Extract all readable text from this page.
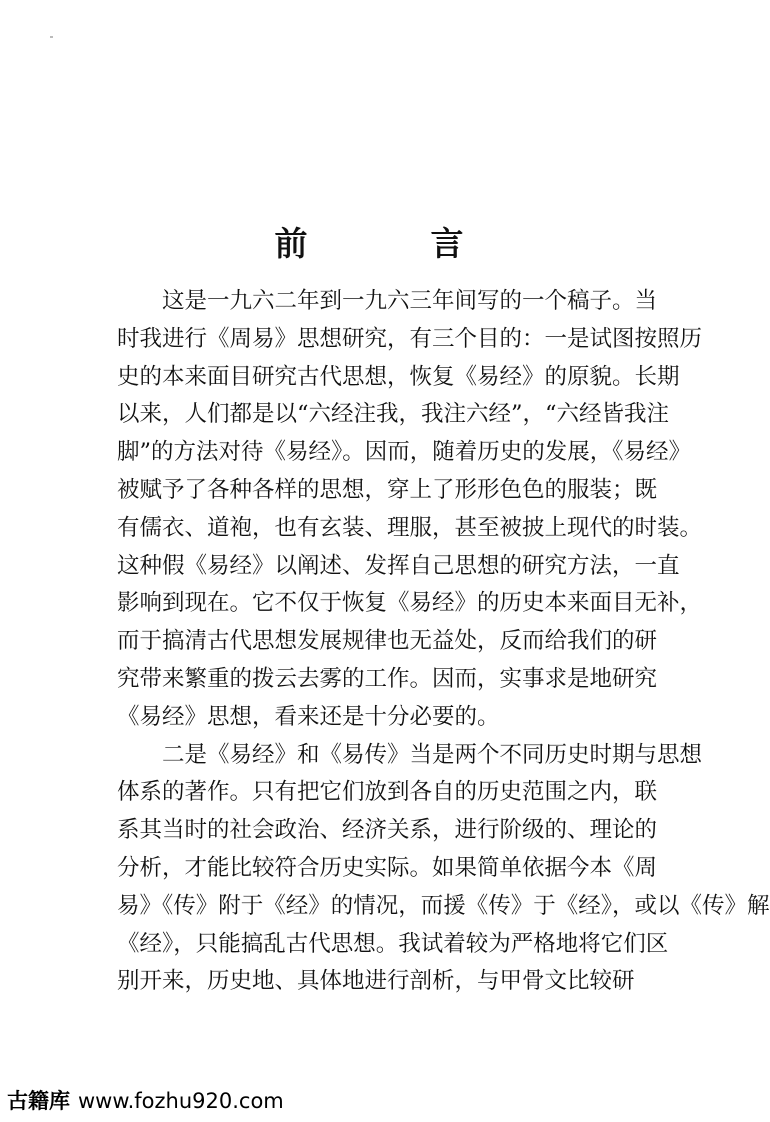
前　言
这是一九六二年到一九六三年间写的一个稿子。当
时我进行《周易》思想研究，有三个目的：一是试图按照历
史的本来面目研究古代思想，恢复《易经》的原貌。长期
以来，人们都是以“六经注我，我注六经”，“六经皆我注
脚”的方法对待《易经》。因而，随着历史的发展，《易经》
被赋予了各种各样的思想，穿上了形形色色的服装；既
有儒衣、道袍，也有玄装、理服，甚至被披上现代的时装。
这种假《易经》以阐述、发挥自己思想的研究方法，一直
影响到现在。它不仅于恢复《易经》的历史本来面目无补，
而于搞清古代思想发展规律也无益处，反而给我们的研
究带来繁重的拨云去雾的工作。因而，实事求是地研究
《易经》思想，看来还是十分必要的。
二是《易经》和《易传》当是两个不同历史时期与思想
体系的著作。只有把它们放到各自的历史范围之内，联
系其当时的社会政治、经济关系，进行阶级的、理论的
分析，才能比较符合历史实际。如果简单依据今本《周
易》《传》附于《经》的情况，而援《传》于《经》，或以《传》解
《经》，只能搞乱古代思想。我试着较为严格地将它们区
别开来，历史地、具体地进行剖析，与甲骨文比较研
古籍库 www.fozhu920.com
